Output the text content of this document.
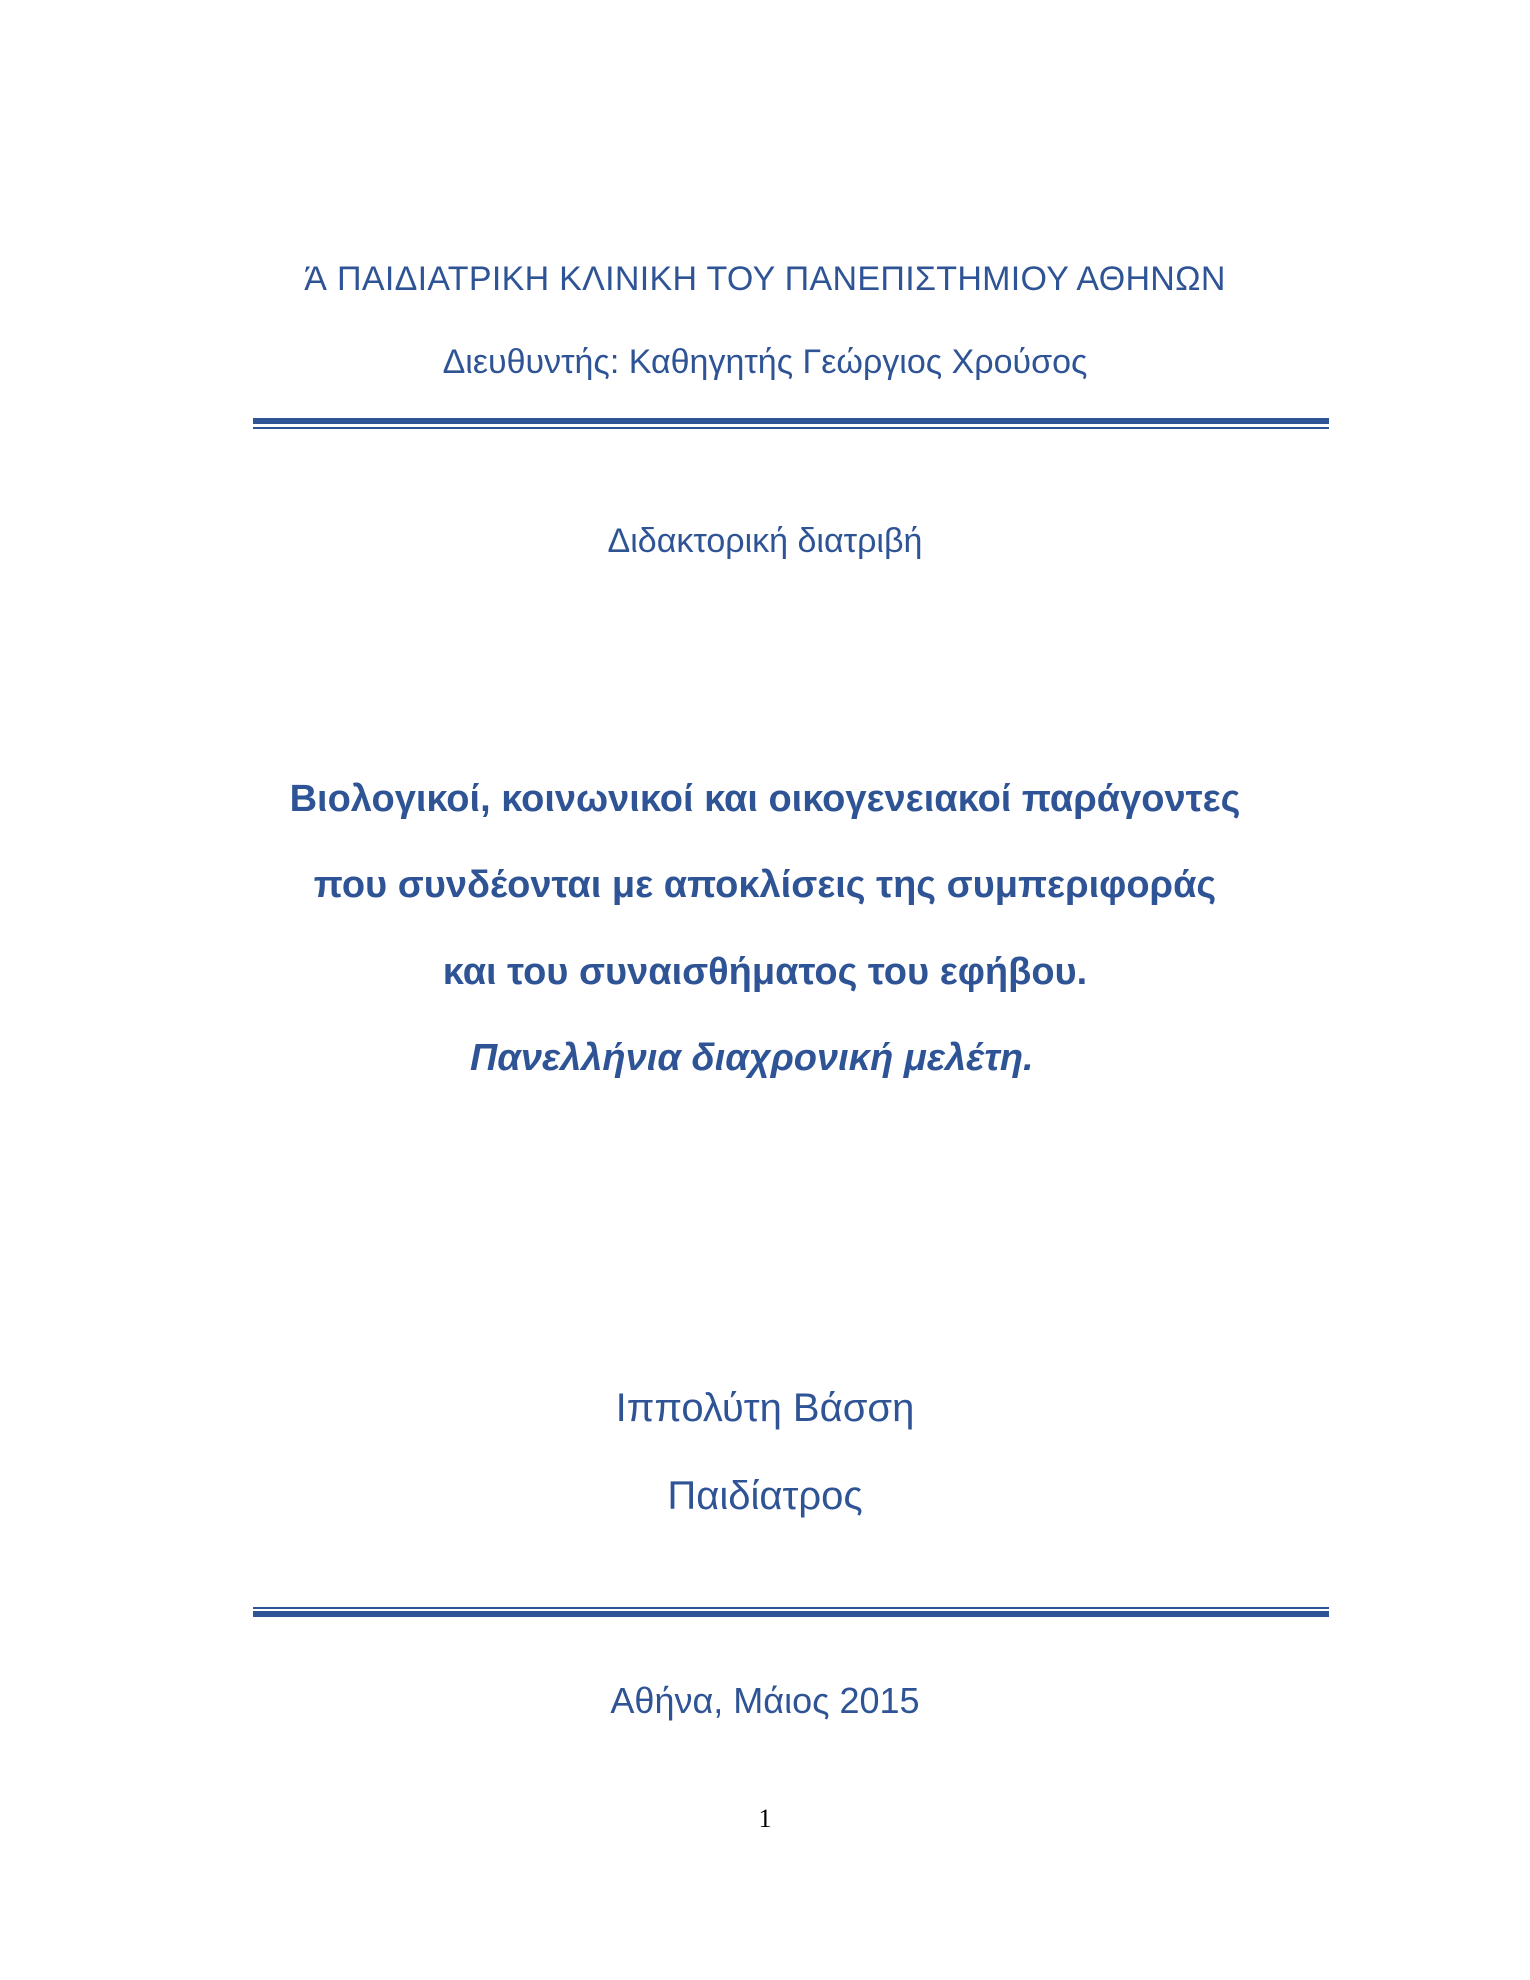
Ά ΠΑΙΔΙΑΤΡΙΚΗ ΚΛΙΝΙΚΗ ΤΟΥ ΠΑΝΕΠΙΣΤΗΜΙΟΥ ΑΘΗΝΩΝ
Διευθυντής: Καθηγητής Γεώργιος Χρούσος
Διδακτορική διατριβή
Βιολογικοί, κοινωνικοί και οικογενειακοί παράγοντες
που συνδέονται με αποκλίσεις της συμπεριφοράς
και του συναισθήματος του εφήβου.
Πανελλήνια διαχρονική μελέτη.
Ιππολύτη Βάσση
Παιδίατρος
Αθήνα, Μάιος 2015
1
